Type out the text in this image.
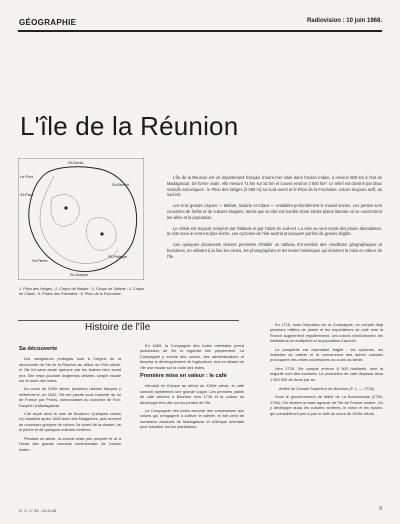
GÉOGRAPHIE	Radiovision : 10 juin 1968.
L'île de la Réunion
St-Denis
Le Port
St-Paul
St-Benoît
St-Pierre
St-Philippe
St-Joseph
1. Piton des Neiges ; 2. Cirque de Mafate ; 3. Cirque de Salazie ; 4. Cirque de Cilaos ; 5. Plaine des Palmistes ; 6. Piton de la Fournaise.

L'île de la Réunion est un département français d'outre-mer situé dans l'océan Indien, à environ 800 km à l'est de Madagascar. De forme ovale, elle mesure 71 km sur 52 km et couvre environ 2 500 km². Le relief est dominé par deux massifs volcaniques : le Piton des Neiges (3 069 m) au nord-ouest et le Piton de la Fournaise, volcan toujours actif, au sud-est.

Les trois grands cirques — Mafate, Salazie et Cilaos — entaillent profondément le massif ancien. Les pentes sont couvertes de forêts et de cultures étagées, tandis que la côte est bordée d'une étroite plaine littorale où se concentrent les villes et la population.

Le climat est tropical, tempéré par l'altitude et par l'alizé du sud-est. La côte au vent reçoit des pluies abondantes, la côte sous le vent est plus sèche. Les cyclones de l'été austral provoquent parfois de graves dégâts.

Ces quelques documents doivent permettre d'établir un tableau d'ensemble des conditions géographiques et humaines, en utilisant à la fois les cartes, les photographies et les textes historiques qui éclairent la mise en valeur de l'île.

Histoire de l'île
Sa découverte

Les navigateurs portugais sont à l'origine de la découverte de l'île de la Réunion au début du XVIe siècle, et l'île fut sans doute aperçue par les Arabes bien avant eux. Elle resta pourtant longtemps déserte, simple escale sur la route des Indes.

Au cours du XVIIe siècle, plusieurs navires français y relâchent et, en 1642, l'île est placée sous l'autorité du roi de France par Pronis, commandant du comptoir de Fort-Dauphin à Madagascar.

L'île reçoit alors le nom de Bourbon. Quelques colons s'y installent après 1663 avec des Malgaches, puis arrivent de nouveaux groupes de colons. Ils vivent de la chasse, de la pêche et de quelques cultures vivrières.

Pendant un siècle, la colonie reste peu peuplée et vit à l'écart des grands courants commerciaux de l'océan Indien.

En 1665, la Compagnie des Indes orientales prend possession de l'île et organise son peuplement. La Compagnie y envoie des colons, des administrateurs et favorise le développement de l'agriculture, tout en faisant de l'île une escale sur la route des Indes.

Première mise en valeur : le café

Introduit en Europe au début du XVIIIe siècle, le café connaît rapidement une grande vogue. Les premiers plants de café arrivent à Bourbon vers 1715 et la culture se développe très vite sur les pentes de l'île.

La Compagnie des Indes accorde des concessions aux colons qui s'engagent à cultiver le caféier, et fait venir de nombreux esclaves de Madagascar et d'Afrique orientale pour travailler sur les plantations.

En 1715, sous l'impulsion de la Compagnie, on compte déjà plusieurs milliers de plants et les exportations de café vers la France augmentent régulièrement. Les colons s'enrichissent, les habitations se multiplient et la population s'accroît.

La prospérité est cependant fragile : les cyclones, les maladies du caféier et la concurrence des autres colonies provoquent des crises successives au cours du siècle.

Vers 1735, l'île compte environ 8 000 habitants, dont la majorité sont des esclaves. La production de café dépasse alors 1 000 000 de livres par an.

Arrêté du Conseil Supérieur de Bourbon (F. L. — 1725)

Sous le gouvernement de Mahé de La Bourdonnais (1735-1746), l'île devient la base agricole de l'île de France voisine. On y développe aussi les cultures vivrières, le coton et les épices, qui compléteront peu à peu le café au cours du XVIIIe siècle.

D. C. n° 35 - 24-5-68.	9
